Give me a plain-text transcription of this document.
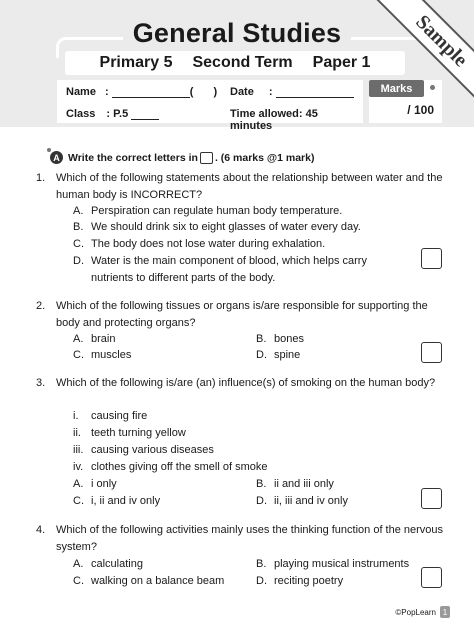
General Studies
Primary 5 Second Term Paper 1
Name :	( ) Date :
Class : P.5	Time allowed: 45 minutes
Marks
/ 100
Sample
A Write the correct letters in . (6 marks @1 mark)
1. Which of the following statements about the relationship between water and the human body is INCORRECT?
A. Perspiration can regulate human body temperature.
B. We should drink six to eight glasses of water every day.
C. The body does not lose water during exhalation.
D. Water is the main component of blood, which helps carry nutrients to different parts of the body.
2. Which of the following tissues or organs is/are responsible for supporting the body and protecting organs?
A. brain	B. bones
C. muscles	D. spine
3. Which of the following is/are (an) influence(s) of smoking on the human body?
i. causing fire
ii. teeth turning yellow
iii. causing various diseases
iv. clothes giving off the smell of smoke
A. i only	B. ii and iii only
C. i, ii and iv only	D. ii, iii and iv only
4. Which of the following activities mainly uses the thinking function of the nervous system?
A. calculating	B. playing musical instruments
C. walking on a balance beam	D. reciting poetry
©PopLearn 1
